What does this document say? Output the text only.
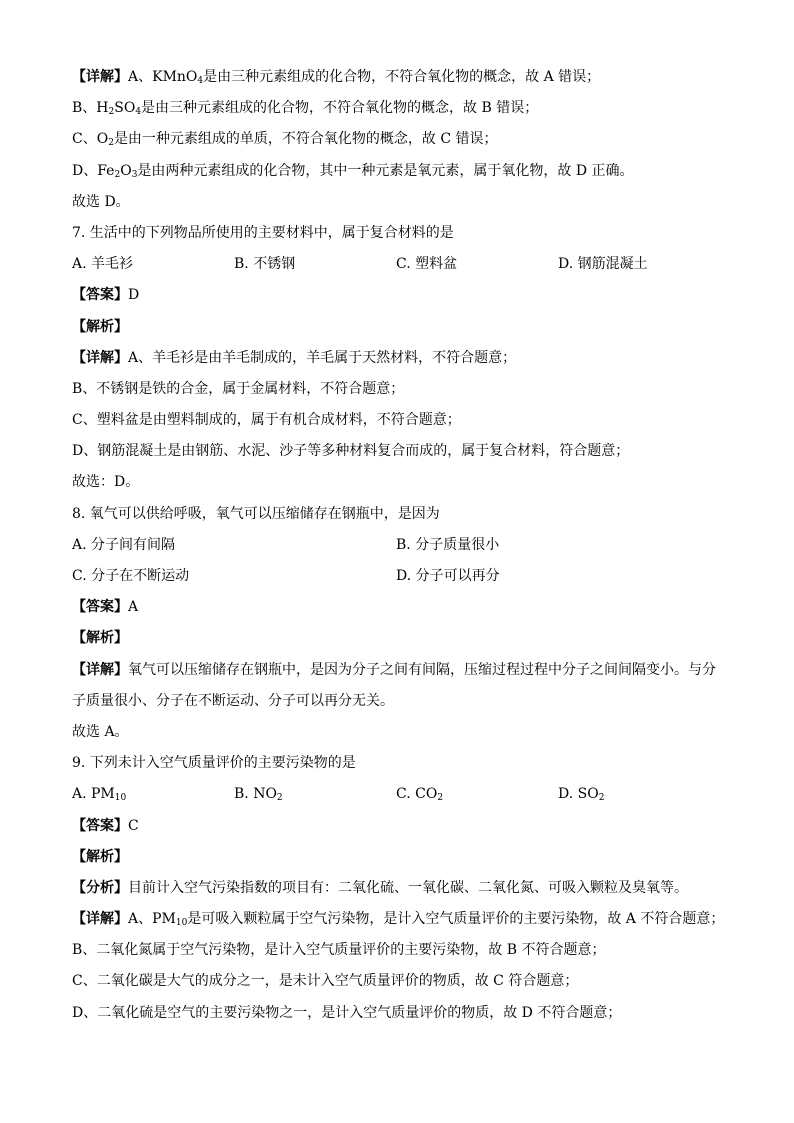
【详解】A、KMnO$_4$是由三种元素组成的化合物，不符合氧化物的概念，故 A 错误；
B、$H_2SO_4$是由三种元素组成的化合物，不符合氧化物的概念，故 B 错误；
C、$O_2$是由一种元素组成的单质，不符合氧化物的概念，故 C 错误；
D、$Fe_2O_3$是由两种元素组成的化合物，其中一种元素是氧元素，属于氧化物，故 D 正确。
故选 D。
7. 生活中的下列物品所使用的主要材料中，属于复合材料的是
A. 羊毛衫	B. 不锈钢	C. 塑料盆	D. 钢筋混凝土
【答案】D
【解析】
【详解】A、羊毛衫是由羊毛制成的，羊毛属于天然材料，不符合题意；
B、不锈钢是铁的合金，属于金属材料，不符合题意；
C、塑料盆是由塑料制成的，属于有机合成材料，不符合题意；
D、钢筋混凝土是由钢筋、水泥、沙子等多种材料复合而成的，属于复合材料，符合题意；
故选：D。
8. 氧气可以供给呼吸，氧气可以压缩储存在钢瓶中，是因为
A. 分子间有间隔	B. 分子质量很小
C. 分子在不断运动	D. 分子可以再分
【答案】A
【解析】
【详解】氧气可以压缩储存在钢瓶中，是因为分子之间有间隔，压缩过程过程中分子之间间隔变小。与分
子质量很小、分子在不断运动、分子可以再分无关。
故选 A。
9. 下列未计入空气质量评价的主要污染物的是
A. $PM_{10}$	B. $NO_2$	C. $CO_2$	D. $SO_2$
【答案】C
【解析】
【分析】目前计入空气污染指数的项目有：二氧化硫、一氧化碳、二氧化氮、可吸入颗粒及臭氧等。
【详解】A、$PM_{10}$是可吸入颗粒属于空气污染物，是计入空气质量评价的主要污染物，故 A 不符合题意；
B、二氧化氮属于空气污染物，是计入空气质量评价的主要污染物，故 B 不符合题意；
C、二氧化碳是大气的成分之一，是未计入空气质量评价的物质，故 C 符合题意；
D、二氧化硫是空气的主要污染物之一，是计入空气质量评价的物质，故 D 不符合题意；
